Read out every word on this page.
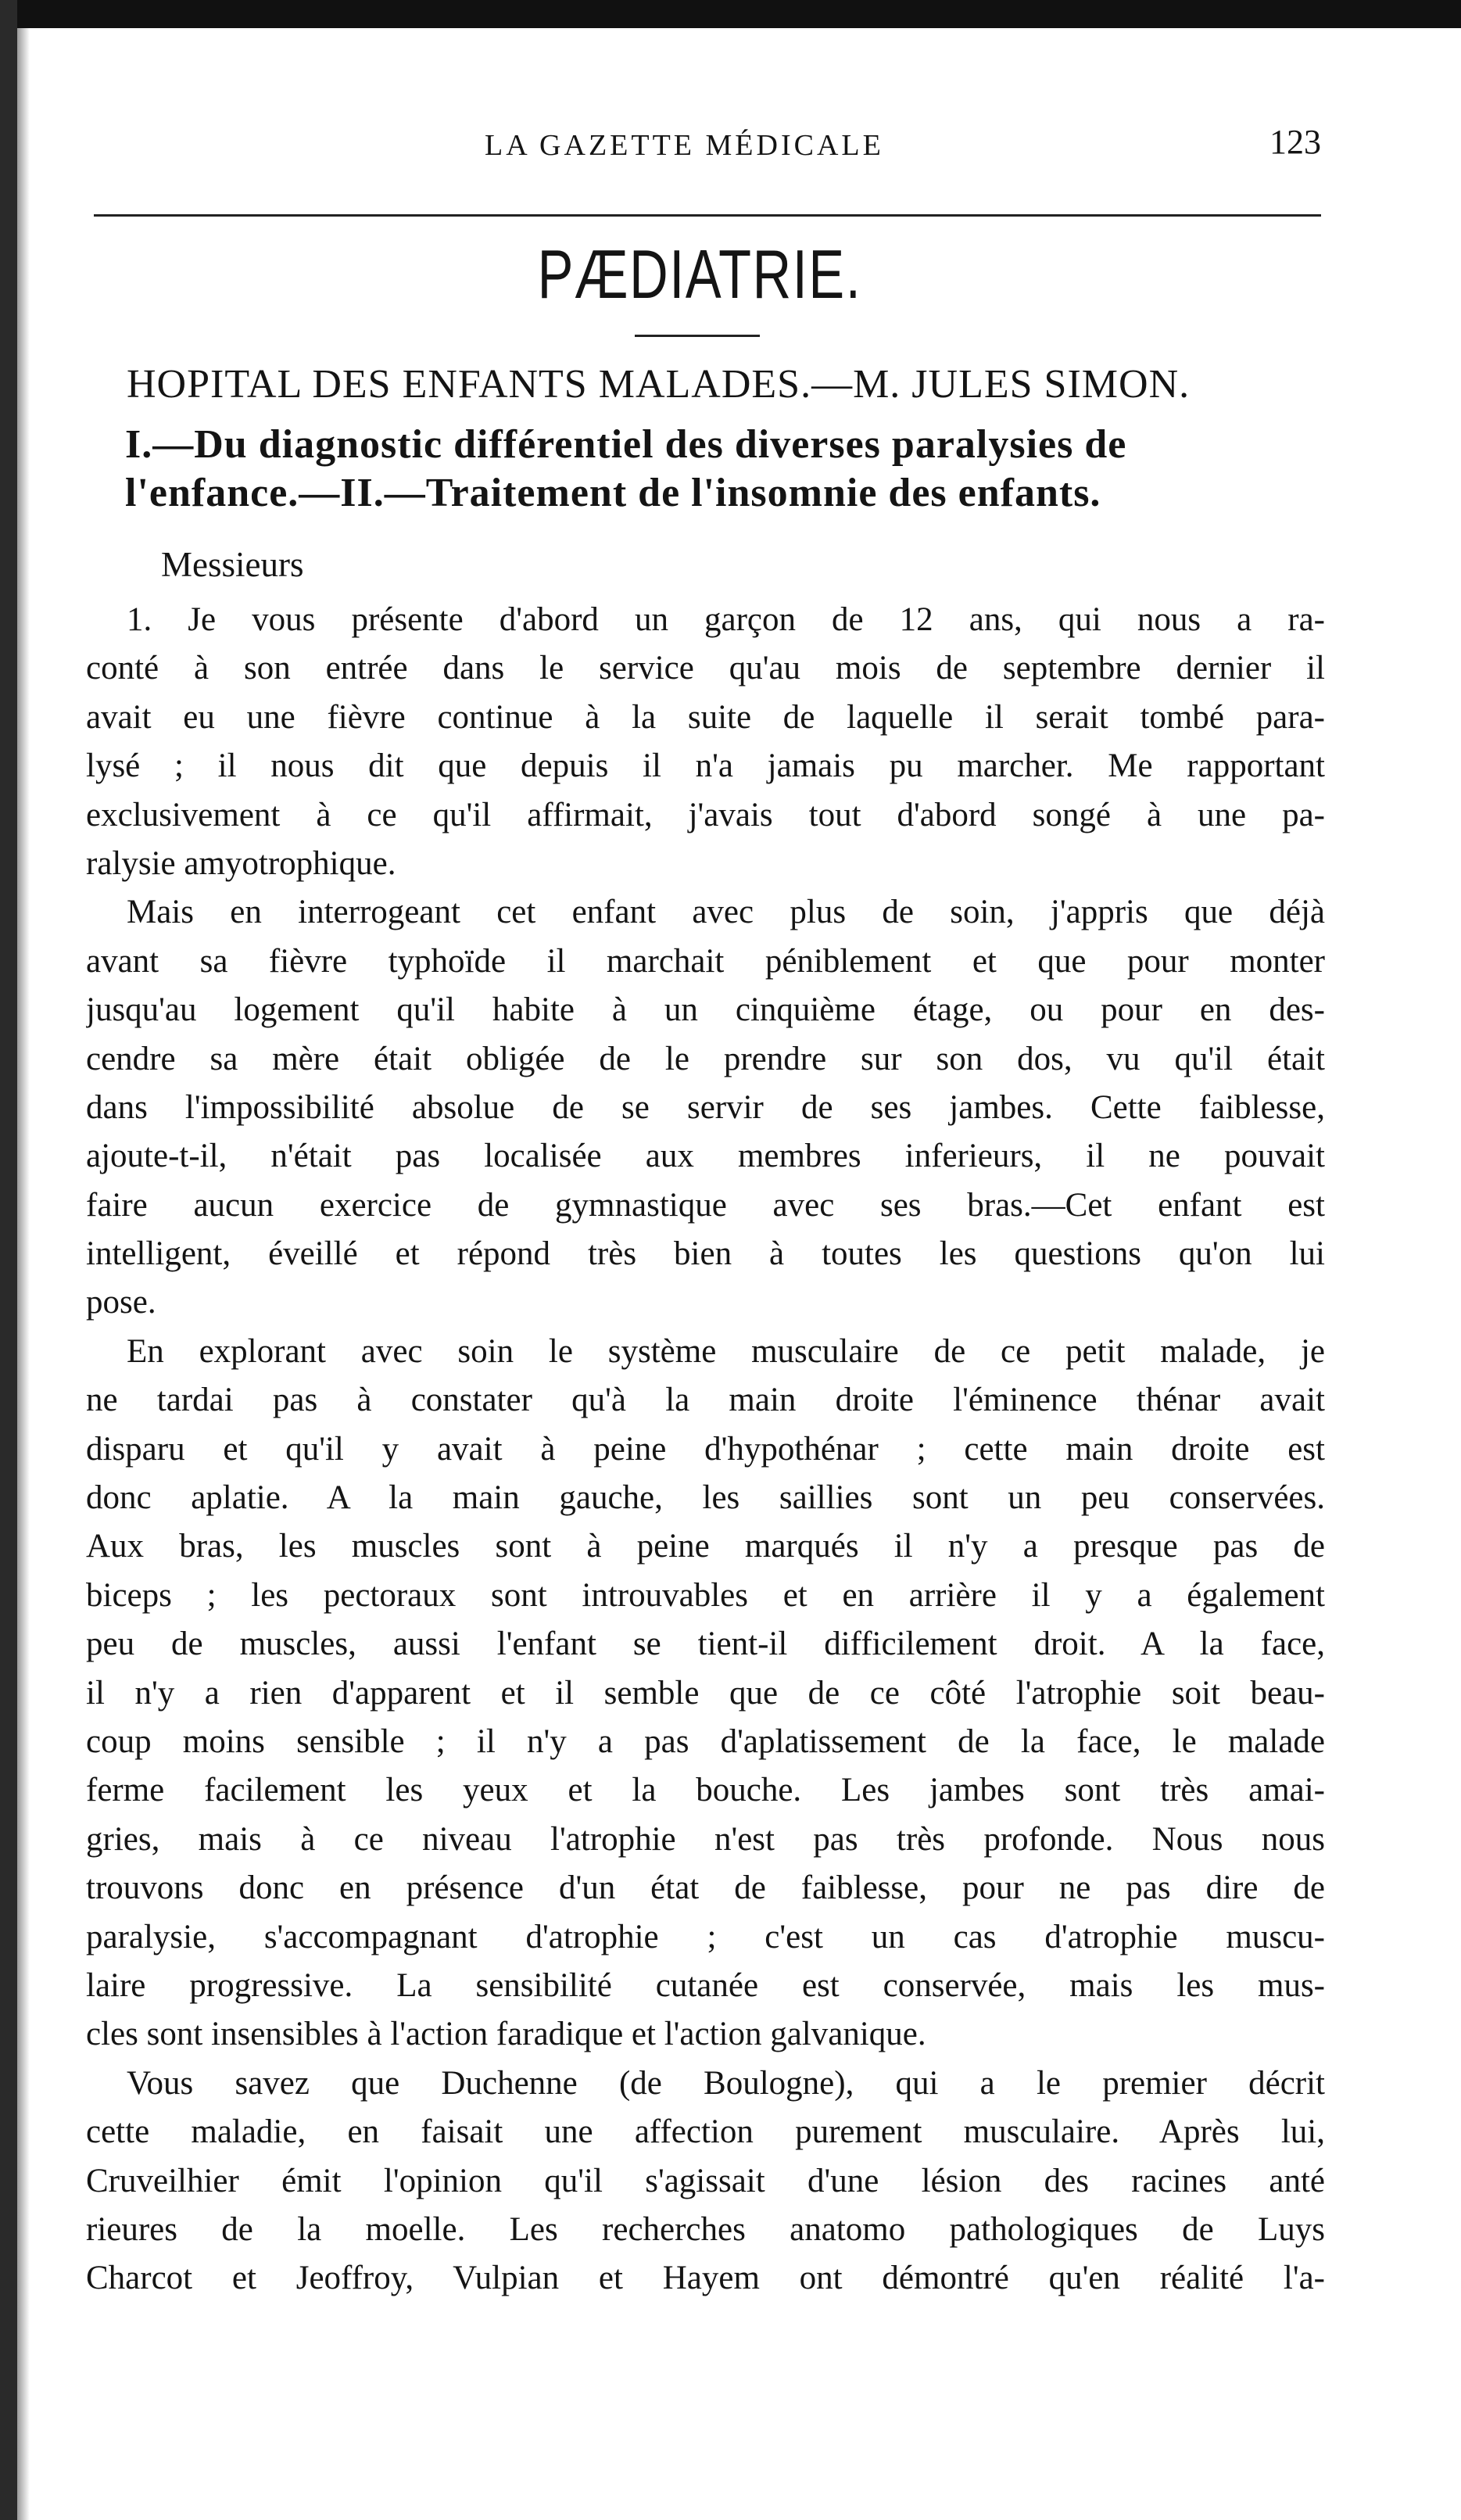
LA GAZETTE MÉDICALE	123
PÆDIATRIE.
HOPITAL DES ENFANTS MALADES.—M. JULES SIMON.
I.—Du diagnostic différentiel des diverses paralysies de
l'enfance.—II.—Traitement de l'insomnie des enfants.
Messieurs
1. Je vous présente d'abord un garçon de 12 ans, qui nous a ra-
conté à son entrée dans le service qu'au mois de septembre dernier il
avait eu une fièvre continue à la suite de laquelle il serait tombé para-
lysé ; il nous dit que depuis il n'a jamais pu marcher. Me rapportant
exclusivement à ce qu'il affirmait, j'avais tout d'abord songé à une pa-
ralysie amyotrophique.
Mais en interrogeant cet enfant avec plus de soin, j'appris que déjà
avant sa fièvre typhoïde il marchait péniblement et que pour monter
jusqu'au logement qu'il habite à un cinquième étage, ou pour en des-
cendre sa mère était obligée de le prendre sur son dos, vu qu'il était
dans l'impossibilité absolue de se servir de ses jambes. Cette faiblesse,
ajoute-t-il, n'était pas localisée aux membres inferieurs, il ne pouvait
faire aucun exercice de gymnastique avec ses bras.—Cet enfant est
intelligent, éveillé et répond très bien à toutes les questions qu'on lui
pose.
En explorant avec soin le système musculaire de ce petit malade, je
ne tardai pas à constater qu'à la main droite l'éminence thénar avait
disparu et qu'il y avait à peine d'hypothénar ; cette main droite est
donc aplatie. A la main gauche, les saillies sont un peu conservées.
Aux bras, les muscles sont à peine marqués il n'y a presque pas de
biceps ; les pectoraux sont introuvables et en arrière il y a également
peu de muscles, aussi l'enfant se tient-il difficilement droit. A la face,
il n'y a rien d'apparent et il semble que de ce côté l'atrophie soit beau-
coup moins sensible ; il n'y a pas d'aplatissement de la face, le malade
ferme facilement les yeux et la bouche. Les jambes sont très amai-
gries, mais à ce niveau l'atrophie n'est pas très profonde. Nous nous
trouvons donc en présence d'un état de faiblesse, pour ne pas dire de
paralysie, s'accompagnant d'atrophie ; c'est un cas d'atrophie muscu-
laire progressive. La sensibilité cutanée est conservée, mais les mus-
cles sont insensibles à l'action faradique et l'action galvanique.
Vous savez que Duchenne (de Boulogne), qui a le premier décrit
cette maladie, en faisait une affection purement musculaire. Après lui,
Cruveilhier émit l'opinion qu'il s'agissait d'une lésion des racines anté
rieures de la moelle. Les recherches anatomo pathologiques de Luys
Charcot et Jeoffroy, Vulpian et Hayem ont démontré qu'en réalité l'a-
